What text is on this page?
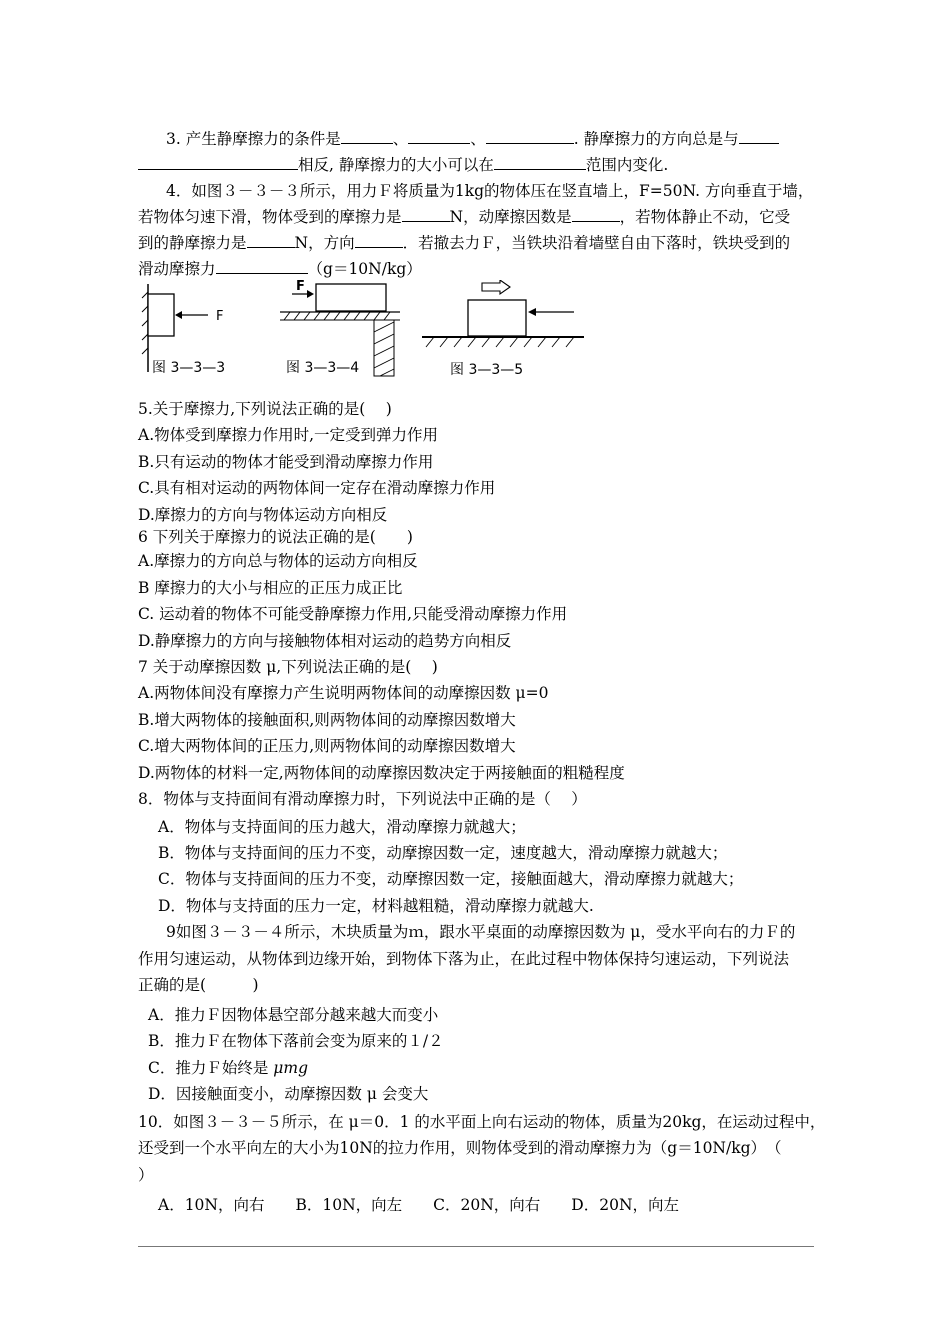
3. 产生静摩擦力的条件是	、	、	. 静摩擦力的方向总是与
相反, 静摩擦力的大小可以在	范围内变化.
4．如图３－３－３所示，用力Ｆ将质量为1kg的物体压在竖直墙上，F=50N. 方向垂直于墙，
若物体匀速下滑，物体受到的摩擦力是	N，动摩擦因数是	，若物体静止不动，它受
到的静摩擦力是	N，方向	．若撤去力Ｆ，当铁块沿着墙壁自由下落时，铁块受到的
滑动摩擦力	（g＝10N/kg）
5.关于摩擦力,下列说法正确的是(　 )
A.物体受到摩擦力作用时,一定受到弹力作用
B.只有运动的物体才能受到滑动摩擦力作用
C.具有相对运动的两物体间一定存在滑动摩擦力作用
D.摩擦力的方向与物体运动方向相反
6 下列关于摩擦力的说法正确的是(　　)
A.摩擦力的方向总与物体的运动方向相反
B 摩擦力的大小与相应的正压力成正比
C. 运动着的物体不可能受静摩擦力作用,只能受滑动摩擦力作用
D.静摩擦力的方向与接触物体相对运动的趋势方向相反
7 关于动摩擦因数 μ,下列说法正确的是(　 )
A.两物体间没有摩擦力产生说明两物体间的动摩擦因数 μ=0
B.增大两物体的接触面积,则两物体间的动摩擦因数增大
C.增大两物体间的正压力,则两物体间的动摩擦因数增大
D.两物体的材料一定,两物体间的动摩擦因数决定于两接触面的粗糙程度
8．物体与支持面间有滑动摩擦力时，下列说法中正确的是（　 ）
A．物体与支持面间的压力越大，滑动摩擦力就越大；
B．物体与支持面间的压力不变，动摩擦因数一定，速度越大，滑动摩擦力就越大；
C．物体与支持面间的压力不变，动摩擦因数一定，接触面越大，滑动摩擦力就越大；
D．物体与支持面的压力一定，材料越粗糙，滑动摩擦力就越大.
9如图３－３－４所示，木块质量为ｍ，跟水平桌面的动摩擦因数为 μ，受水平向右的力Ｆ的
作用匀速运动，从物体到边缘开始，到物体下落为止，在此过程中物体保持匀速运动，下列说法
正确的是(　　　)
A．推力Ｆ因物体悬空部分越来越大而变小
B．推力Ｆ在物体下落前会变为原来的１/２
C．推力Ｆ始终是 μmg
D．因接触面变小，动摩擦因数 μ 会变大
10．如图３－３－５所示，在 μ＝0．1 的水平面上向右运动的物体，质量为20kg，在运动过程中，
还受到一个水平向左的大小为10N的拉力作用，则物体受到的滑动摩擦力为（g＝10N/kg）　（
）
A．10N，向右　　B．10N，向左　　C．20N，向右　　D．20N，向左
F
图 3—3—3
F
图 3—3—4	图 3—3—5
